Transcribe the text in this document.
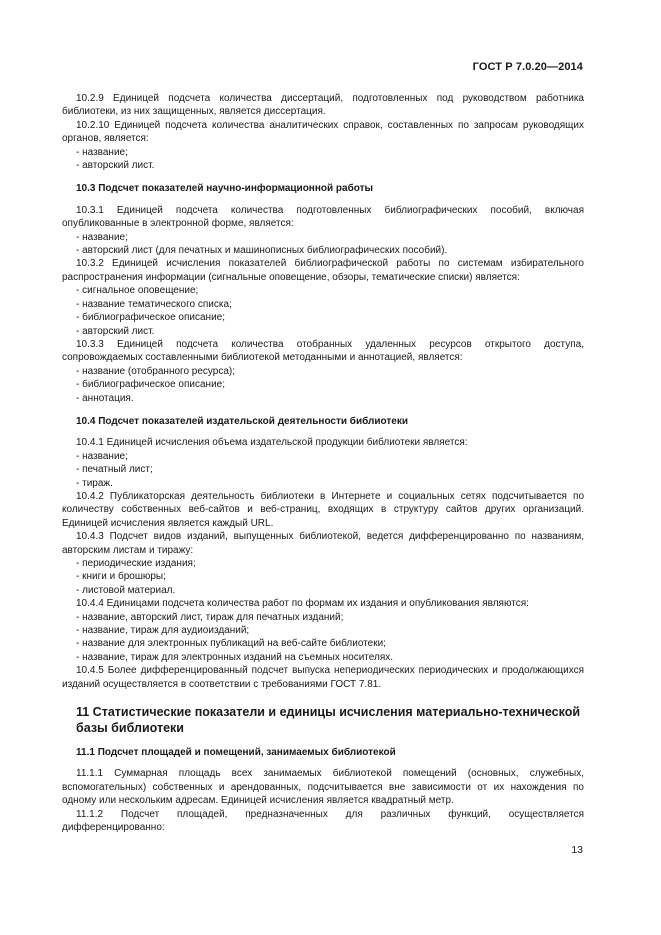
ГОСТ Р 7.0.20—2014
10.2.9 Единицей подсчета количества диссертаций, подготовленных под руководством работника библиотеки, из них защищенных, является диссертация.
10.2.10 Единицей подсчета количества аналитических справок, составленных по запросам руководящих органов, является:
- название;
- авторский лист.
10.3 Подсчет показателей научно-информационной работы
10.3.1 Единицей подсчета количества подготовленных библиографических пособий, включая опубликованные в электронной форме, является:
- название;
- авторский лист (для печатных и машинописных библиографических пособий).
10.3.2 Единицей исчисления показателей библиографической работы по системам избирательного распространения информации (сигнальные оповещение, обзоры, тематические списки) является:
- сигнальное оповещение;
- название тематического списка;
- библиографическое описание;
- авторский лист.
10.3.3 Единицей подсчета количества отобранных удаленных ресурсов открытого доступа, сопровождаемых составленными библиотекой методанными и аннотацией, является:
- название (отобранного ресурса);
- библиографическое описание;
- аннотация.
10.4 Подсчет показателей издательской деятельности библиотеки
10.4.1 Единицей исчисления объема издательской продукции библиотеки является:
- название;
- печатный лист;
- тираж.
10.4.2 Публикаторская деятельность библиотеки в Интернете и социальных сетях подсчитывается по количеству собственных веб-сайтов и веб-страниц, входящих в структуру сайтов других организаций. Единицей исчисления является каждый URL.
10.4.3 Подсчет видов изданий, выпущенных библиотекой, ведется дифференцированно по названиям, авторским листам и тиражу:
- периодические издания;
- книги и брошюры;
- листовой материал.
10.4.4 Единицами подсчета количества работ по формам их издания и опубликования являются:
- название, авторский лист, тираж для печатных изданий;
- название, тираж для аудиоизданий;
- название для электронных публикаций на веб-сайте библиотеки;
- название, тираж для электронных изданий на съемных носителях.
10.4.5 Более дифференцированный подсчет выпуска непериодических периодических и продолжающихся изданий осуществляется в соответствии с требованиями ГОСТ 7.81.
11 Статистические показатели и единицы исчисления материально-технической базы библиотеки
11.1 Подсчет площадей и помещений, занимаемых библиотекой
11.1.1 Суммарная площадь всех занимаемых библиотекой помещений (основных, служебных, вспомогательных) собственных и арендованных, подсчитывается вне зависимости от их нахождения по одному или нескольким адресам. Единицей исчисления является квадратный метр.
11.1.2 Подсчет площадей, предназначенных для различных функций, осуществляется дифференцированно:
13
